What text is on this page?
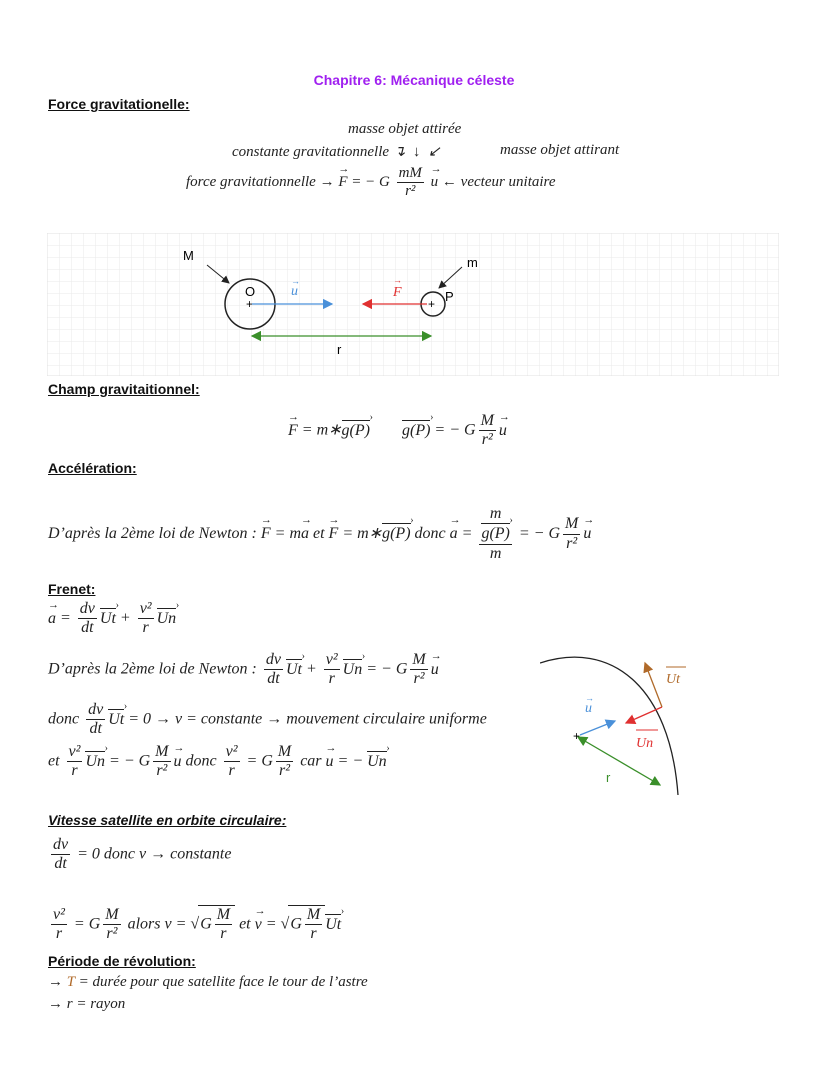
Chapitre 6: Mécanique céleste
Force gravitationelle:
masse objet attirée
constante gravitationnelle ↴  ↓  ↙	masse objet attirant
force gravitationnelle → → F = − G $\frac{mM}{\text{r²}}$
→ u ← vecteur unitaire
+	+
O	P
M	m
u
→
F
→
r
Champ gravitaitionnel:
→ F = m∗g(P) › g(P) › = − G $\frac{M}{\text{r²}}$
→ u
Accélération:
D’après la 2ème loi de Newton : → F = m→ a et → F = m∗g(P) › donc → a = m
g(P) ›
m = − G $\frac{M}{\text{r²}}$
→ u
Frenet:
→ $a = \frac{dv}{dt}$ Ut › + $\frac{\text{v²}}{r}$ Un ›
D’après la 2ème loi de Newton : $\frac{dv}{dt}$ Ut › + $\frac{\text{v²}}{r}$ Un › = − G $\frac{M}{\text{r²}}$
→ u
donc $\frac{dv}{dt}$ Ut › = 0 → v = constante → mouvement circulaire uniforme
et $\frac{\text{v²}}{r}$ Un › = − G $\frac{M}{\text{r²}}$
→ u donc $\frac{\text{v²}}{r} = G \frac{M}{\text{r²}}$ car → u = − Un ›
+
u
→
Un
Ut
r
Vitesse satellite en orbite circulaire:
$\frac{dv}{dt} = 0$ donc v → constante
$\frac{\text{v²}}{r} = G \frac{M}{\text{r²}}$ alors $v = √G \frac{M}{r}$ et → $v = √G \frac{M}{r}$ Ut ›
Période de révolution:
→ T = durée pour que satellite face le tour de l’astre
→ r = rayon
